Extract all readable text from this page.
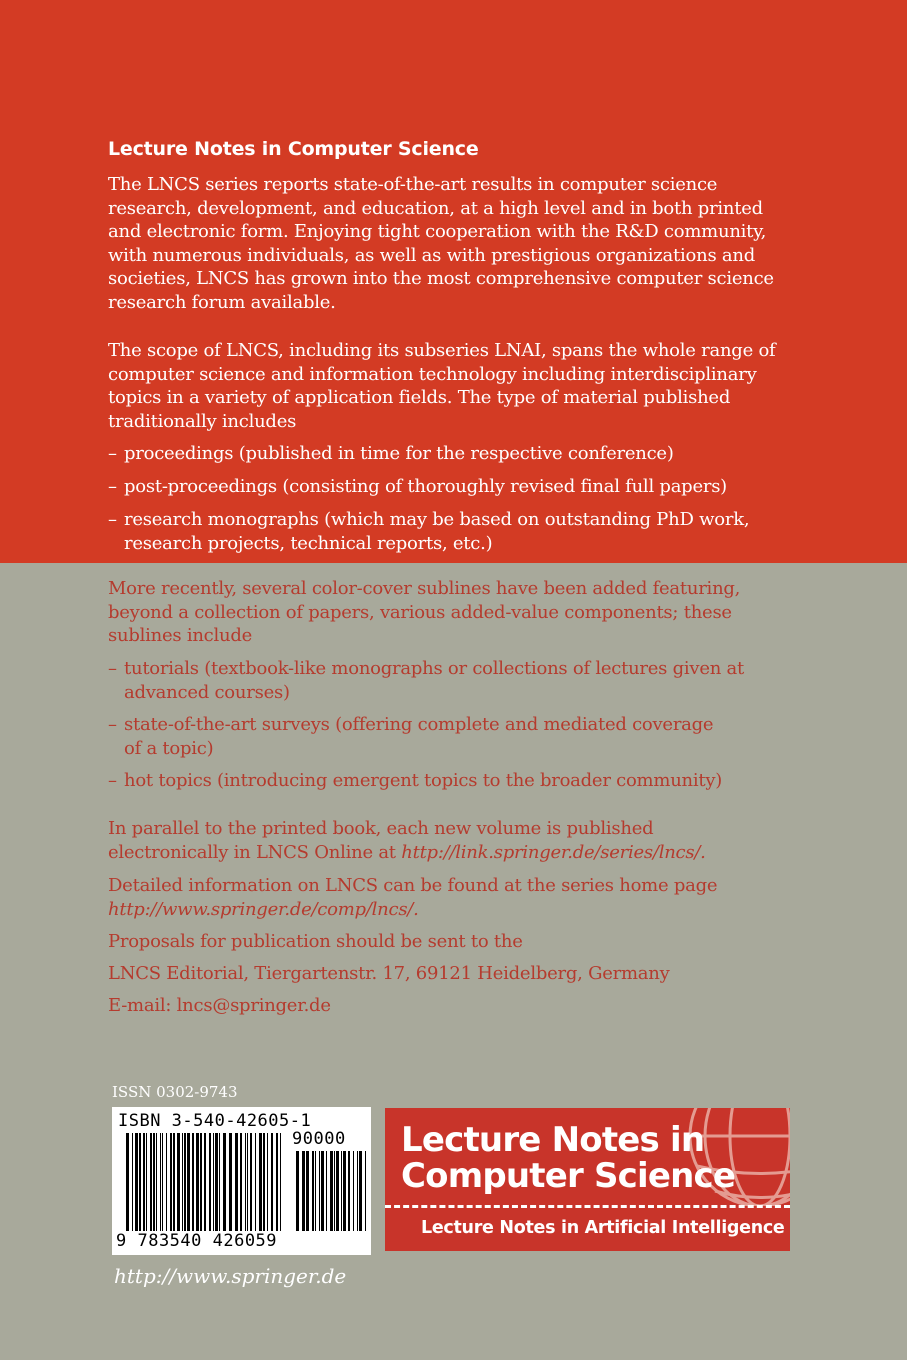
Lecture Notes in Computer Science

The LNCS series reports state-of-the-art results in computer science

research, development, and education, at a high level and in both printed

and electronic form. Enjoying tight cooperation with the R&D community,

with numerous individuals, as well as with prestigious organizations and

societies, LNCS has grown into the most comprehensive computer science

research forum available.

The scope of LNCS, including its subseries LNAI, spans the whole range of

computer science and information technology including interdisciplinary

topics in a variety of application fields. The type of material published

traditionally includes

– proceedings (published in time for the respective conference)

– post-proceedings (consisting of thoroughly revised final full papers)

– research monographs (which may be based on outstanding PhD work,

research projects, technical reports, etc.)

More recently, several color-cover sublines have been added featuring,

beyond a collection of papers, various added-value components; these

sublines include

– tutorials (textbook-like monographs or collections of lectures given at

advanced courses)

– state-of-the-art surveys (offering complete and mediated coverage

of a topic)

– hot topics (introducing emergent topics to the broader community)

In parallel to the printed book, each new volume is published

electronically in LNCS Online at http://link.springer.de/series/lncs/.

Detailed information on LNCS can be found at the series home page

http://www.springer.de/comp/lncs/.

Proposals for publication should be sent to the
LNCS Editorial, Tiergartenstr. 17, 69121 Heidelberg, Germany
E-mail: lncs@springer.de
ISSN 0302-9743
ISBN 3-540-42605-1
90000
9 783540 426059
Lecture Notes in
Computer Science
Lecture Notes in Artificial Intelligence
http://www.springer.de
